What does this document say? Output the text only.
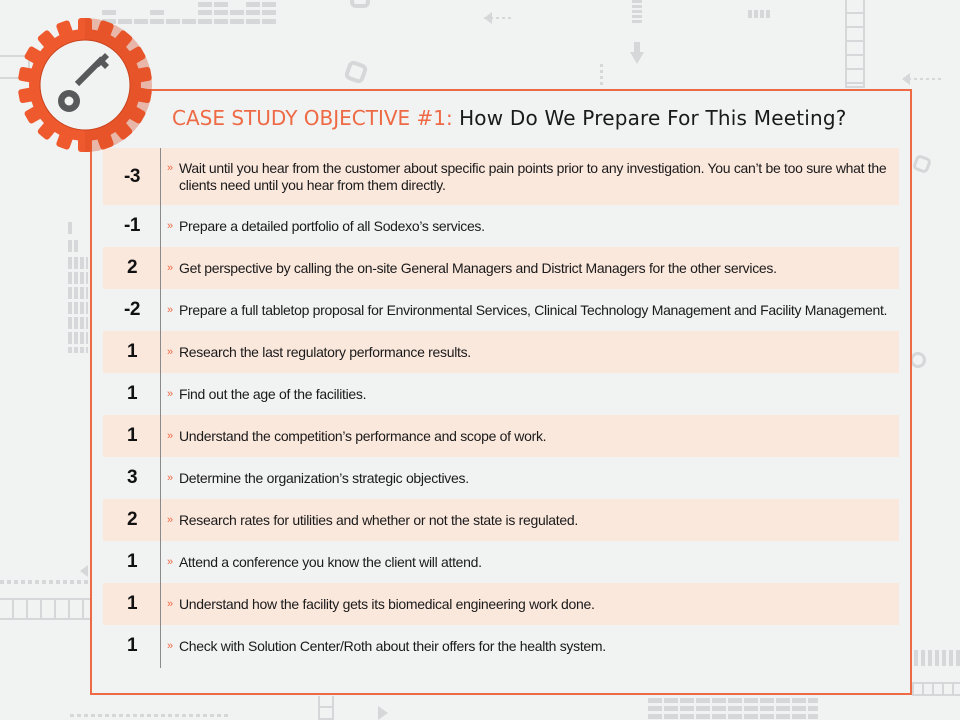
CASE STUDY OBJECTIVE #1: How Do We Prepare For This Meeting?
-3	» Wait until you hear from the customer about specific pain points prior to any investigation. You can’t be too sure what the clients need until you hear from them directly.
-1	» Prepare a detailed portfolio of all Sodexo’s services.
2	» Get perspective by calling the on-site General Managers and District Managers for the other services.
-2	» Prepare a full tabletop proposal for Environmental Services, Clinical Technology Management and Facility Management.
1	» Research the last regulatory performance results.
1	» Find out the age of the facilities.
1	» Understand the competition’s performance and scope of work.
3	» Determine the organization’s strategic objectives.
2	» Research rates for utilities and whether or not the state is regulated.
1	» Attend a conference you know the client will attend.
1	» Understand how the facility gets its biomedical engineering work done.
1	» Check with Solution Center/Roth about their offers for the health system.
